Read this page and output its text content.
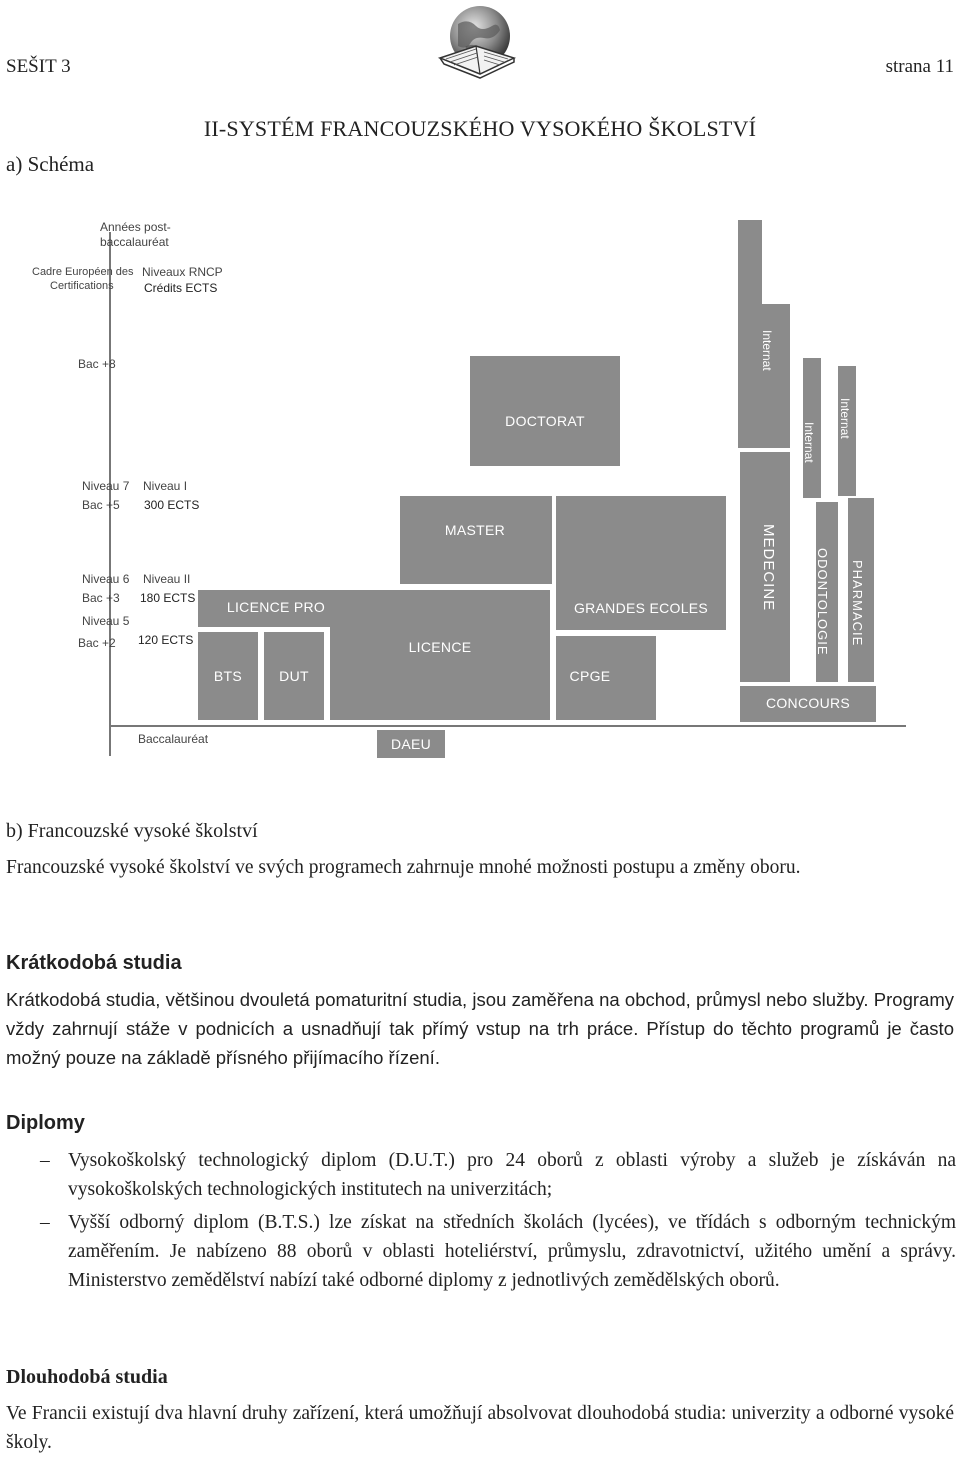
SEŠIT 3	strana 11
II-SYSTÉM FRANCOUZSKÉHO VYSOKÉHO ŠKOLSTVÍ
a) Schéma
Années post-
baccalauréat
Cadre Européen des
Certifications
Niveaux RNCP
Crédits ECTS
Bac +8
Niveau 7
Bac +5
Niveau I
300 ECTS
Niveau 6
Bac +3
Niveau II
180 ECTS
Niveau 5
Bac +2 120 ECTS
Baccalauréat
DOCTORAT
MASTER
LICENCE PRO
LICENCE
BTS	DUT
GRANDES ECOLES
CPGE
DAEU
Internat
MEDECINE
Internat
ODONTOLOGIE
Internat
PHARMACIE
CONCOURS
b) Francouzské vysoké školství
Francouzské vysoké školství ve svých programech zahrnuje mnohé možnosti postupu a změny oboru.
Krátkodobá studia
Krátkodobá studia, většinou dvouletá pomaturitní studia, jsou zaměřena na obchod, průmysl nebo služby. Programy vždy zahrnují stáže v podnicích a usnadňují tak přímý vstup na trh práce. Přístup do těchto programů je často možný pouze na základě přísného přijímacího řízení.
Diplomy
– Vysokoškolský technologický diplom (D.U.T.) pro 24 oborů z oblasti výroby a služeb je získáván na vysokoškolských technologických institutech na univerzitách;
– Vyšší odborný diplom (B.T.S.) lze získat na středních školách (lycées), ve třídách s odborným technickým zaměřením. Je nabízeno 88 oborů v oblasti hoteliérství, průmyslu, zdravotnictví, užitého umění a správy. Ministerstvo zemědělství nabízí také odborné diplomy z jednotlivých zemědělských oborů.
Dlouhodobá studia
Ve Francii existují dva hlavní druhy zařízení, která umožňují absolvovat dlouhodobá studia: univerzity a odborné vysoké školy.
